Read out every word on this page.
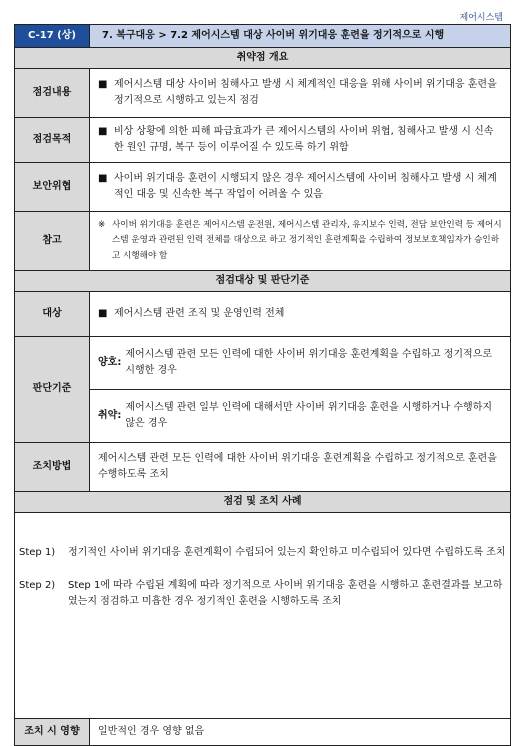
제어시스템
C-17 (상)	7. 복구대응 > 7.2 제어시스템 대상 사이버 위기대응 훈련을 정기적으로 시행
취약점 개요	
점검내용	■ 제어시스템 대상 사이버 침해사고 발생 시 체계적인 대응을 위해 사이버 위기대응 훈련을 정기적으로 시행하고 있는지 점검

점검목적	■ 비상 상황에 의한 피해 파급효과가 큰 제어시스템의 사이버 위협, 침해사고 발생 시 신속한 원인 규명, 복구 등이 이루어질 수 있도록 하기 위함

보안위협	■ 사이버 위기대응 훈련이 시행되지 않은 경우 제어시스템에 사이버 침해사고 발생 시 체계적인 대응 및 신속한 복구 작업이 어려울 수 있음

참고	※ 사이버 위기대응 훈련은 제어시스템 운전원, 제어시스템 관리자, 유지보수 인력, 전담 보안인력 등 제어시스템 운영과 관련된 인력 전체를 대상으로 하고 정기적인 훈련계획을 수립하여 정보보호책임자가 승인하고 시행해야 함

점검대상 및 판단기준	
대상	■ 제어시스템 관련 조직 및 운영인력 전체

판단기준	양호:
제어시스템 관련 모든 인력에 대한 사이버 위기대응 훈련계획을 수립하고 정기적으로 시행한 경우
취약:
제어시스템 관련 일부 인력에 대해서만 사이버 위기대응 훈련을 시행하거나 수행하지 않은 경우

조치방법	제어시스템 관련 모든 인력에 대한 사이버 위기대응 훈련계획을 수립하고 정기적으로 훈련을 수행하도록 조치
점검 및 조치 사례	

Step 1) 정기적인 사이버 위기대응 훈련계획이 수립되어 있는지 확인하고 미수립되어 있다면 수립하도록 조치
Step 2) Step 1에 따라 수립된 계획에 따라 정기적으로 사이버 위기대응 훈련을 시행하고 훈련결과를 보고하였는지 점검하고 미흡한 경우 정기적인 훈련을 시행하도록 조치	

조치 시 영향	일반적인 경우 영향 없음
